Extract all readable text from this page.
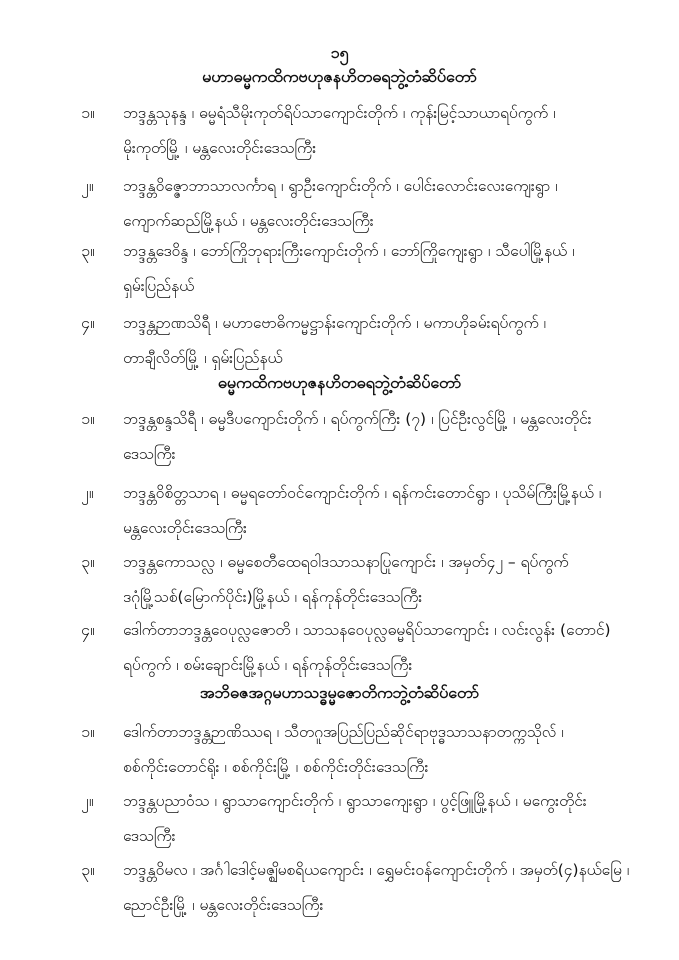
၁၅
မဟာဓမ္မကထိကဗဟုဇနဟိတဓရဘွဲ့တံဆိပ်တော်
၁။ ဘဒ္ဒန္တသုနန္ဒ ၊ ဓမ္မရံသီမိုးကုတ်ရိပ်သာကျောင်းတိုက် ၊ ကုန်းမြင့်သာယာရပ်ကွက် ၊
မိုးကုတ်မြို့ ၊ မန္တလေးတိုင်းဒေသကြီး
၂။ ဘဒ္ဒန္တဝိဇ္ဇောဘာသာလင်္ကာရ ၊ ရွာဦးကျောင်းတိုက် ၊ ပေါင်းလောင်းလေးကျေးရွာ ၊
ကျောက်ဆည်မြို့နယ် ၊ မန္တလေးတိုင်းဒေသကြီး
၃။ ဘဒ္ဒန္တဒေဝိန္ဒ ၊ ဘော်ကြိုဘုရားကြီးကျောင်းတိုက် ၊ ဘော်ကြိုကျေးရွာ ၊ သီပေါမြို့နယ် ၊
ရှမ်းပြည်နယ်
၄။ ဘဒ္ဒန္တဉာဏသိရီ ၊ မဟာဗောဓိကမ္မဋ္ဌာန်းကျောင်းတိုက် ၊ မကာဟိုခမ်းရပ်ကွက် ၊
တာချီလိတ်မြို့ ၊ ရှမ်းပြည်နယ်
ဓမ္မကထိကဗဟုဇနဟိတဓရဘွဲ့တံဆိပ်တော်
၁။ ဘဒ္ဒန္တစန္ဒသိရီ ၊ ဓမ္မဒီပကျောင်းတိုက် ၊ ရပ်ကွက်ကြီး (၇) ၊ ပြင်ဦးလွင်မြို့ ၊ မန္တလေးတိုင်း
ဒေသကြီး
၂။ ဘဒ္ဒန္တဝိစိတ္တသာရ ၊ ဓမ္မရတော်ဝင်ကျောင်းတိုက် ၊ ရန်ကင်းတောင်ရွာ ၊ ပုသိမ်ကြီးမြို့နယ် ၊
မန္တလေးတိုင်းဒေသကြီး
၃။ ဘဒ္ဒန္တကောသလ္လ ၊ ဓမ္မစေတီထေရဝါဒသာသနာပြုကျောင်း ၊ အမှတ်၄၂ – ရပ်ကွက်
ဒဂုံမြို့သစ်(မြောက်ပိုင်း)မြို့နယ် ၊ ရန်ကုန်တိုင်းဒေသကြီး
၄။ ဒေါက်တာဘဒ္ဒန္တဝေပုလ္လဇောတိ ၊ သာသနဝေပုလ္လဓမ္မရိပ်သာကျောင်း ၊ လင်းလွန်း (တောင်)
ရပ်ကွက် ၊ စမ်းချောင်းမြို့နယ် ၊ ရန်ကုန်တိုင်းဒေသကြီး
အဘိဓဇအဂ္ဂမဟာသဒ္ဓမ္မဇောတိကဘွဲ့တံဆိပ်တော်
၁။ ဒေါက်တာဘဒ္ဒန္တဉာဏိဿရ ၊ သီတဂူအပြည်ပြည်ဆိုင်ရာဗုဒ္ဓသာသနာတက္ကသိုလ် ၊
စစ်ကိုင်းတောင်ရိုး ၊ စစ်ကိုင်းမြို့ ၊ စစ်ကိုင်းတိုင်းဒေသကြီး
၂။ ဘဒ္ဒန္တပညာဝံသ ၊ ရွာသာကျောင်းတိုက် ၊ ရွာသာကျေးရွာ ၊ ပွင့်ဖြူမြို့နယ် ၊ မကွေးတိုင်း
ဒေသကြီး
၃။ ဘဒ္ဒန္တဝိမလ ၊ အင်္ဂါဒေါင့်မဇ္ဈိမစရိယကျောင်း ၊ ရွှေမင်းဝန်ကျောင်းတိုက် ၊ အမှတ်(၄)နယ်မြေ ၊
ညောင်ဦးမြို့ ၊ မန္တလေးတိုင်းဒေသကြီး
